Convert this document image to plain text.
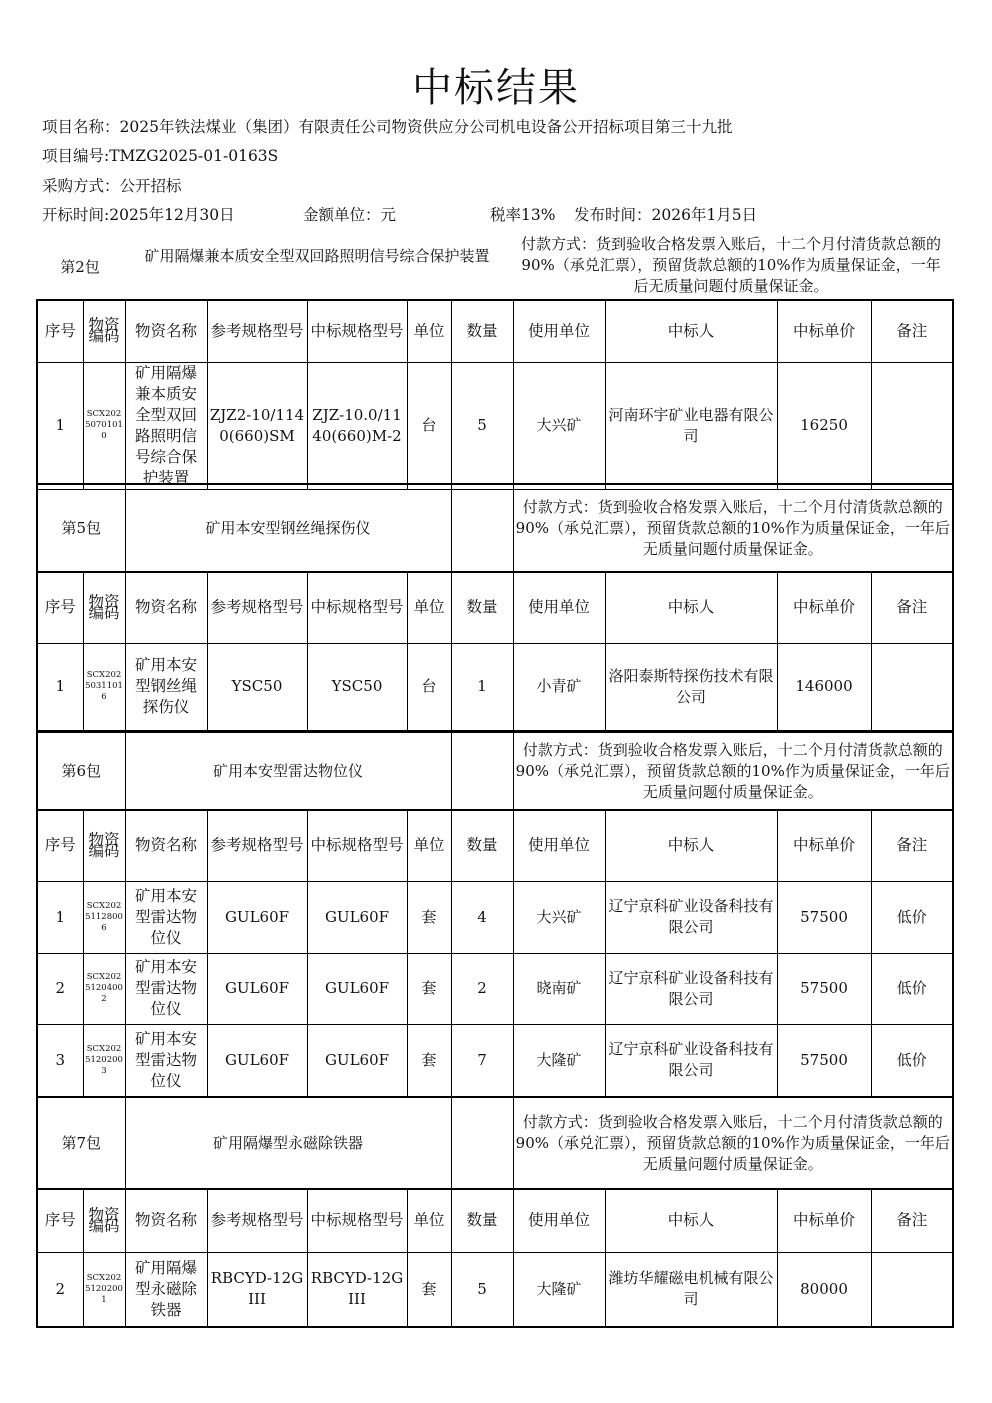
中标结果
项目名称：2025年铁法煤业（集团）有限责任公司物资供应分公司机电设备公开招标项目第三十九批
项目编号:TMZG2025-01-0163S
采购方式：公开招标
开标时间:2025年12月30日	金额单位：元	税率13% 发布时间：2026年1月5日
第2包
矿用隔爆兼本质安全型双回路照明信号综合保护装置
付款方式：货到验收合格发票入账后，十二个月付清货款总额的90%（承兑汇票），预留货款总额的10%作为质量保证金，一年后无质量问题付质量保证金。
序号	物资编码	物资名称	参考规格型号	中标规格型号	单位	数量	使用单位	中标人	中标单价	备注
1	SCX20250701010	矿用隔爆兼本质安全型双回路照明信号综合保护装置	ZJZ2-10/1140(660)SM	ZJZ-10.0/1140(660)M-2	台	5	大兴矿	河南环宇矿业电器有限公司	16250	
第5包	矿用本安型钢丝绳探伤仪		付款方式：货到验收合格发票入账后，十二个月付清货款总额的90%（承兑汇票），预留货款总额的10%作为质量保证金，一年后无质量问题付质量保证金。
序号	物资编码	物资名称	参考规格型号	中标规格型号	单位	数量	使用单位	中标人	中标单价	备注
1	SCX20250311016	矿用本安型钢丝绳探伤仪	YSC50	YSC50	台	1	小青矿	洛阳泰斯特探伤技术有限公司	146000	
第6包	矿用本安型雷达物位仪		付款方式：货到验收合格发票入账后，十二个月付清货款总额的90%（承兑汇票），预留货款总额的10%作为质量保证金，一年后无质量问题付质量保证金。
序号	物资编码	物资名称	参考规格型号	中标规格型号	单位	数量	使用单位	中标人	中标单价	备注
1	SCX20251128006	矿用本安型雷达物位仪	GUL60F	GUL60F	套	4	大兴矿	辽宁京科矿业设备科技有限公司	57500	低价
2	SCX20251204002	矿用本安型雷达物位仪	GUL60F	GUL60F	套	2	晓南矿	辽宁京科矿业设备科技有限公司	57500	低价
3	SCX20251202003	矿用本安型雷达物位仪	GUL60F	GUL60F	套	7	大隆矿	辽宁京科矿业设备科技有限公司	57500	低价
第7包	矿用隔爆型永磁除铁器		付款方式：货到验收合格发票入账后，十二个月付清货款总额的90%（承兑汇票），预留货款总额的10%作为质量保证金，一年后无质量问题付质量保证金。
序号	物资编码	物资名称	参考规格型号	中标规格型号	单位	数量	使用单位	中标人	中标单价	备注
2	SCX20251202001	矿用隔爆型永磁除铁器	RBCYD-12GIII	RBCYD-12GIII	套	5	大隆矿	潍坊华耀磁电机械有限公司	80000	
